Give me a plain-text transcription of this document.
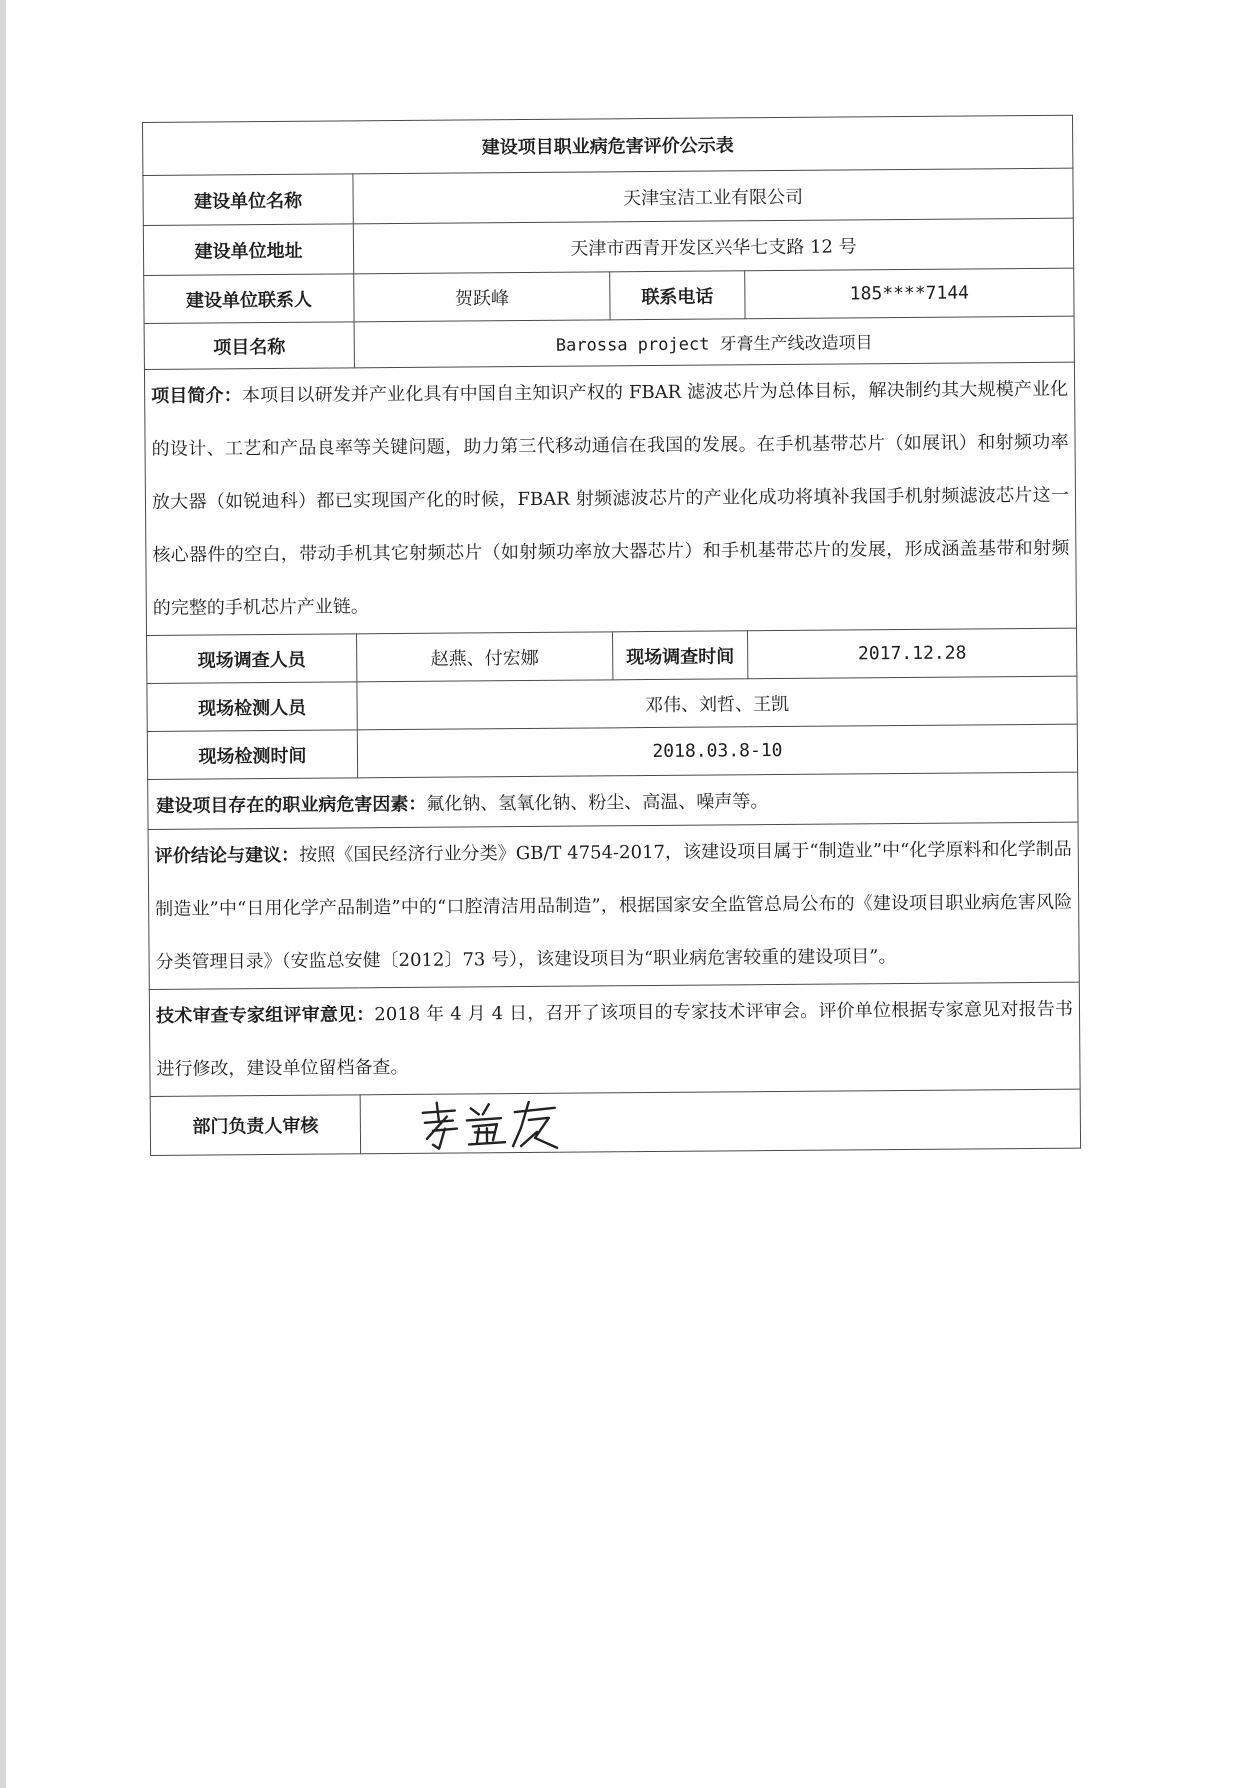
建设项目职业病危害评价公示表			
建设单位名称	天津宝洁工业有限公司		
建设单位地址	天津市西青开发区兴华七支路 12 号		
建设单位联系人	贺跃峰	联系电话	185****7144
项目名称	Barossa project 牙膏生产线改造项目		
项目简介：本项目以研发并产业化具有中国自主知识产权的 FBAR 滤波芯片为总体目标，解决制约其大规模产业化的设计、工艺和产品良率等关键问题，助力第三代移动通信在我国的发展。在手机基带芯片（如展讯）和射频功率放大器（如锐迪科）都已实现国产化的时候，FBAR 射频滤波芯片的产业化成功将填补我国手机射频滤波芯片这一核心器件的空白，带动手机其它射频芯片（如射频功率放大器芯片）和手机基带芯片的发展，形成涵盖基带和射频的完整的手机芯片产业链。			
现场调查人员	赵燕、付宏娜	现场调查时间	2017.12.28
现场检测人员	邓伟、刘哲、王凯		
现场检测时间	2018.03.8-10		
建设项目存在的职业病危害因素：氟化钠、氢氧化钠、粉尘、高温、噪声等。			
评价结论与建议：按照《国民经济行业分类》GB/T 4754-2017，该建设项目属于“制造业”中“化学原料和化学制品制造业”中“日用化学产品制造”中的“口腔清洁用品制造”，根据国家安全监管总局公布的《建设项目职业病危害风险分类管理目录》（安监总安健〔2012〕73 号），该建设项目为“职业病危害较重的建设项目”。			
技术审查专家组评审意见：2018 年 4 月 4 日，召开了该项目的专家技术评审会。评价单位根据专家意见对报告书进行修改，建设单位留档备查。			
部门负责人审核	
